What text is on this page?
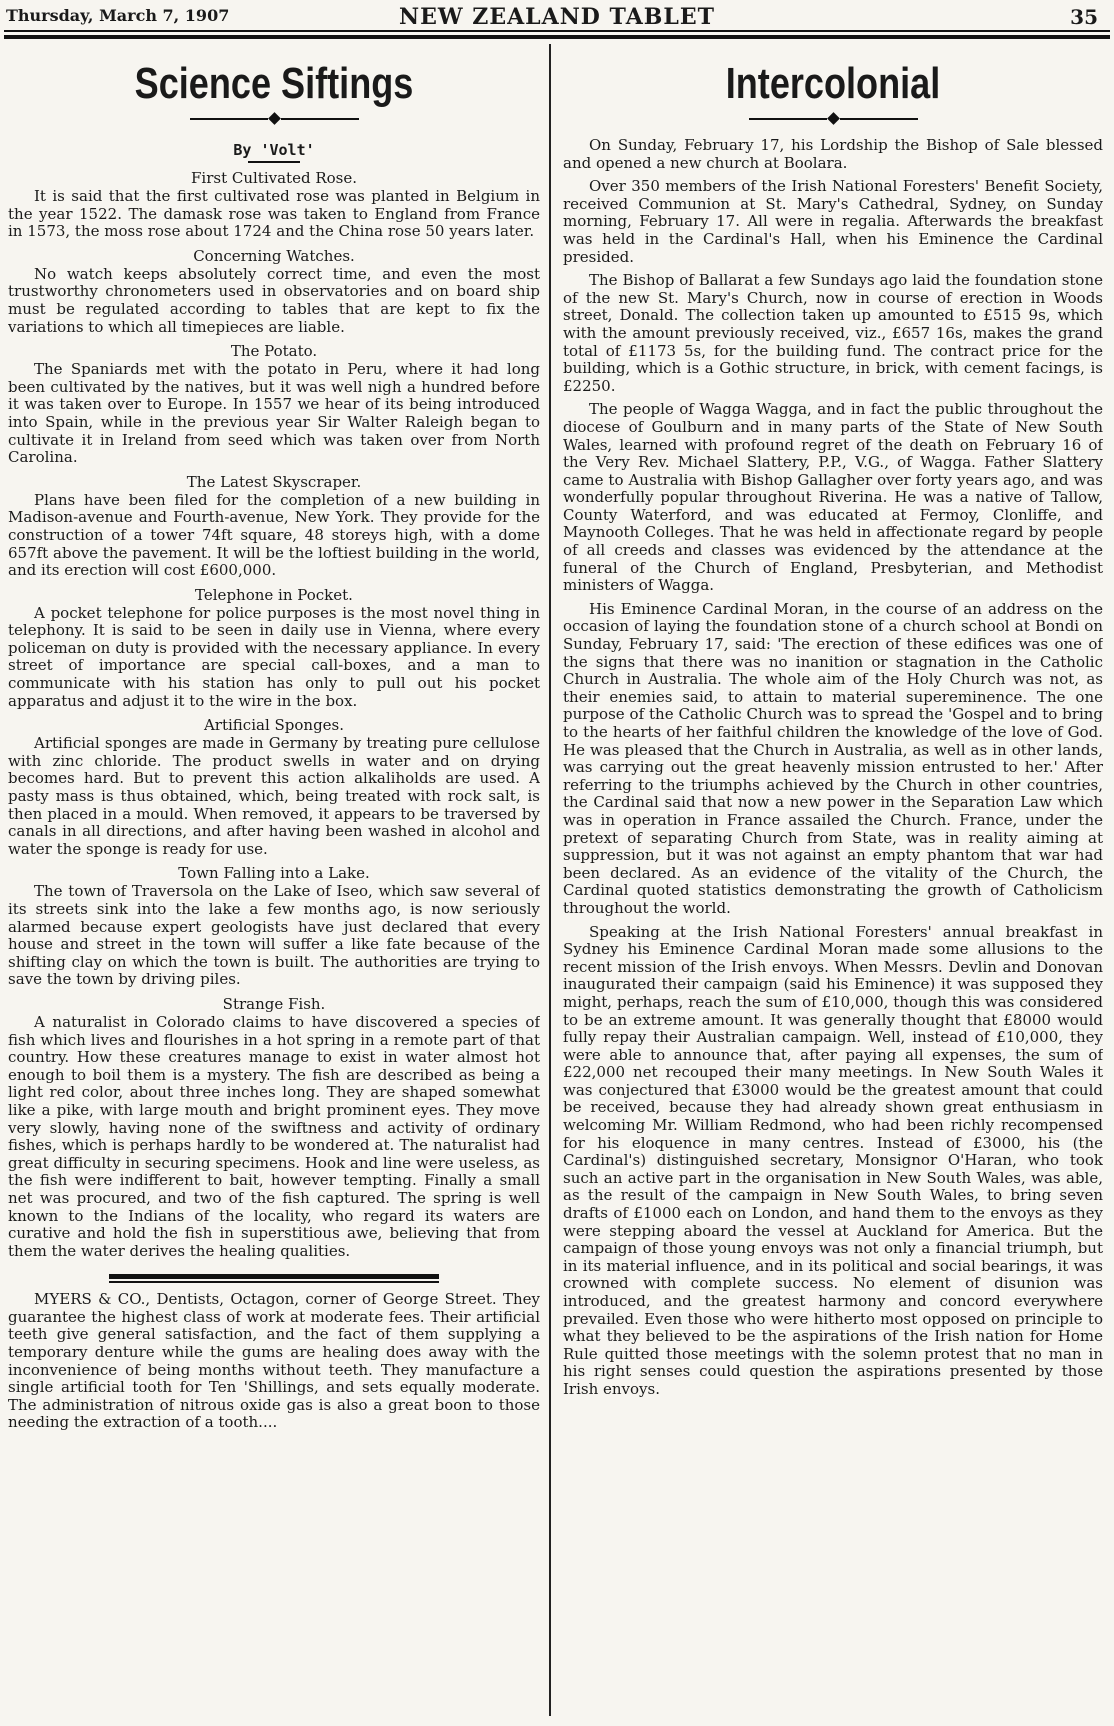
Thursday, March 7, 1907	NEW ZEALAND TABLET	35
Science Siftings
By 'Volt'
First Cultivated Rose.

It is said that the first cultivated rose was planted in Belgium in the year 1522. The damask rose was taken to England from France in 1573, the moss rose about 1724 and the China rose 50 years later.

Concerning Watches.

No watch keeps absolutely correct time, and even the most trustworthy chronometers used in observatories and on board ship must be regulated according to tables that are kept to fix the variations to which all timepieces are liable.

The Potato.

The Spaniards met with the potato in Peru, where it had long been cultivated by the natives, but it was well nigh a hundred before it was taken over to Europe. In 1557 we hear of its being introduced into Spain, while in the previous year Sir Walter Raleigh began to cultivate it in Ireland from seed which was taken over from North Carolina.

The Latest Skyscraper.

Plans have been filed for the completion of a new building in Madison-avenue and Fourth-avenue, New York. They provide for the construction of a tower 74ft square, 48 storeys high, with a dome 657ft above the pavement. It will be the loftiest building in the world, and its erection will cost £600,000.

Telephone in Pocket.

A pocket telephone for police purposes is the most novel thing in telephony. It is said to be seen in daily use in Vienna, where every policeman on duty is provided with the necessary appliance. In every street of importance are special call-boxes, and a man to communicate with his station has only to pull out his pocket apparatus and adjust it to the wire in the box.

Artificial Sponges.

Artificial sponges are made in Germany by treating pure cellulose with zinc chloride. The product swells in water and on drying becomes hard. But to prevent this action alkaliholds are used. A pasty mass is thus obtained, which, being treated with rock salt, is then placed in a mould. When removed, it appears to be traversed by canals in all directions, and after having been washed in alcohol and water the sponge is ready for use.

Town Falling into a Lake.

The town of Traversola on the Lake of Iseo, which saw several of its streets sink into the lake a few months ago, is now seriously alarmed because expert geologists have just declared that every house and street in the town will suffer a like fate because of the shifting clay on which the town is built. The authorities are trying to save the town by driving piles.

Strange Fish.

A naturalist in Colorado claims to have discovered a species of fish which lives and flourishes in a hot spring in a remote part of that country. How these creatures manage to exist in water almost hot enough to boil them is a mystery. The fish are described as being a light red color, about three inches long. They are shaped somewhat like a pike, with large mouth and bright prominent eyes. They move very slowly, having none of the swiftness and activity of ordinary fishes, which is perhaps hardly to be wondered at. The naturalist had great difficulty in securing specimens. Hook and line were useless, as the fish were indifferent to bait, however tempting. Finally a small net was procured, and two of the fish captured. The spring is well known to the Indians of the locality, who regard its waters are curative and hold the fish in superstitious awe, believing that from them the water derives the healing qualities.

MYERS & CO., Dentists, Octagon, corner of George Street. They guarantee the highest class of work at moderate fees. Their artificial teeth give general satisfaction, and the fact of them supplying a temporary denture while the gums are healing does away with the inconvenience of being months without teeth. They manufacture a single artificial tooth for Ten 'Shillings, and sets equally moderate. The administration of nitrous oxide gas is also a great boon to those needing the extraction of a tooth....

Intercolonial

On Sunday, February 17, his Lordship the Bishop of Sale blessed and opened a new church at Boolara.

Over 350 members of the Irish National Foresters' Benefit Society, received Communion at St. Mary's Cathedral, Sydney, on Sunday morning, February 17. All were in regalia. Afterwards the breakfast was held in the Cardinal's Hall, when his Eminence the Cardinal presided.

The Bishop of Ballarat a few Sundays ago laid the foundation stone of the new St. Mary's Church, now in course of erection in Woods street, Donald. The collection taken up amounted to £515 9s, which with the amount previously received, viz., £657 16s, makes the grand total of £1173 5s, for the building fund. The contract price for the building, which is a Gothic structure, in brick, with cement facings, is £2250.

The people of Wagga Wagga, and in fact the public throughout the diocese of Goulburn and in many parts of the State of New South Wales, learned with profound regret of the death on February 16 of the Very Rev. Michael Slattery, P.P., V.G., of Wagga. Father Slattery came to Australia with Bishop Gallagher over forty years ago, and was wonderfully popular throughout Riverina. He was a native of Tallow, County Waterford, and was educated at Fermoy, Clonliffe, and Maynooth Colleges. That he was held in affectionate regard by people of all creeds and classes was evidenced by the attendance at the funeral of the Church of England, Presbyterian, and Methodist ministers of Wagga.

His Eminence Cardinal Moran, in the course of an address on the occasion of laying the foundation stone of a church school at Bondi on Sunday, February 17, said: 'The erection of these edifices was one of the signs that there was no inanition or stagnation in the Catholic Church in Australia. The whole aim of the Holy Church was not, as their enemies said, to attain to material supereminence. The one purpose of the Catholic Church was to spread the 'Gospel and to bring to the hearts of her faithful children the knowledge of the love of God. He was pleased that the Church in Australia, as well as in other lands, was carrying out the great heavenly mission entrusted to her.' After referring to the triumphs achieved by the Church in other countries, the Cardinal said that now a new power in the Separation Law which was in operation in France assailed the Church. France, under the pretext of separating Church from State, was in reality aiming at suppression, but it was not against an empty phantom that war had been declared. As an evidence of the vitality of the Church, the Cardinal quoted statistics demonstrating the growth of Catholicism throughout the world.

Speaking at the Irish National Foresters' annual breakfast in Sydney his Eminence Cardinal Moran made some allusions to the recent mission of the Irish envoys. When Messrs. Devlin and Donovan inaugurated their campaign (said his Eminence) it was supposed they might, perhaps, reach the sum of £10,000, though this was considered to be an extreme amount. It was generally thought that £8000 would fully repay their Australian campaign. Well, instead of £10,000, they were able to announce that, after paying all expenses, the sum of £22,000 net recouped their many meetings. In New South Wales it was conjectured that £3000 would be the greatest amount that could be received, because they had already shown great enthusiasm in welcoming Mr. William Redmond, who had been richly recompensed for his eloquence in many centres. Instead of £3000, his (the Cardinal's) distinguished secretary, Monsignor O'Haran, who took such an active part in the organisation in New South Wales, was able, as the result of the campaign in New South Wales, to bring seven drafts of £1000 each on London, and hand them to the envoys as they were stepping aboard the vessel at Auckland for America. But the campaign of those young envoys was not only a financial triumph, but in its material influence, and in its political and social bearings, it was crowned with complete success. No element of disunion was introduced, and the greatest harmony and concord everywhere prevailed. Even those who were hitherto most opposed on principle to what they believed to be the aspirations of the Irish nation for Home Rule quitted those meetings with the solemn protest that no man in his right senses could question the aspirations presented by those Irish envoys.
